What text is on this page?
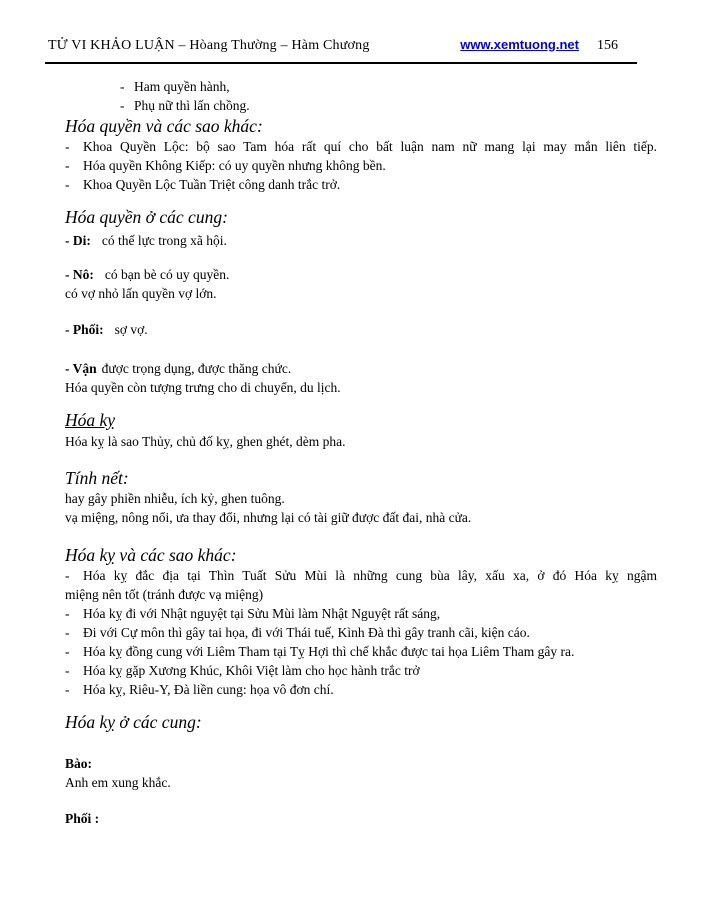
TỬ VI KHẢO LUẬN – Hòang Thường – Hàm Chương	www.xemtuong.net 156
- Ham quyền hành,
- Phụ nữ thì lấn chồng.
Hóa quyền và các sao khác:
-	Khoa Quyền Lộc: bộ sao Tam hóa rất quí cho bất luận nam nữ mang lại may mắn liên tiếp.
-	Hóa quyền Không Kiếp: có uy quyền nhưng không bền.
-	Khoa Quyền Lộc Tuần Triệt công danh trắc trở.
Hóa quyền ở các cung:
- Di: có thế lực trong xã hội.
- Nô: có bạn bè có uy quyền.
có vợ nhỏ lấn quyền vợ lớn.
- Phối: sợ vợ.
- Vận được trọng dụng, được thăng chức.
Hóa quyền còn tượng trưng cho di chuyển, du lịch.
Hóa kỵ
Hóa kỵ là sao Thủy, chủ đố kỵ, ghen ghét, dèm pha.
Tính nết:
hay gây phiền nhiễu, ích kỷ, ghen tuông.
vạ miệng, nông nổi, ưa thay đổi, nhưng lại có tài giữ được đất đai, nhà cửa.
Hóa kỵ và các sao khác:
-	Hóa kỵ đắc địa tại Thìn Tuất Sửu Mùi là những cung bùa lây, xấu xa, ở đó Hóa kỵ ngậm
miệng nên tốt (tránh được vạ miệng)
-	Hóa kỵ đi với Nhật nguyệt tại Sửu Mùi làm Nhật Nguyệt rất sáng,
-	Đi với Cự môn thì gây tai họa, đi với Thái tuế, Kình Đà thì gây tranh cãi, kiện cáo.
-	Hóa kỵ đồng cung với Liêm Tham tại Tỵ Hợi thì chế khắc được tai họa Liêm Tham gây ra.
-	Hóa kỵ gặp Xương Khúc, Khôi Việt làm cho học hành trắc trở
-	Hóa kỵ, Riêu-Y, Đà liền cung: họa vô đơn chí.
Hóa kỵ ở các cung:
Bào:
Anh em xung khắc.
Phối :
